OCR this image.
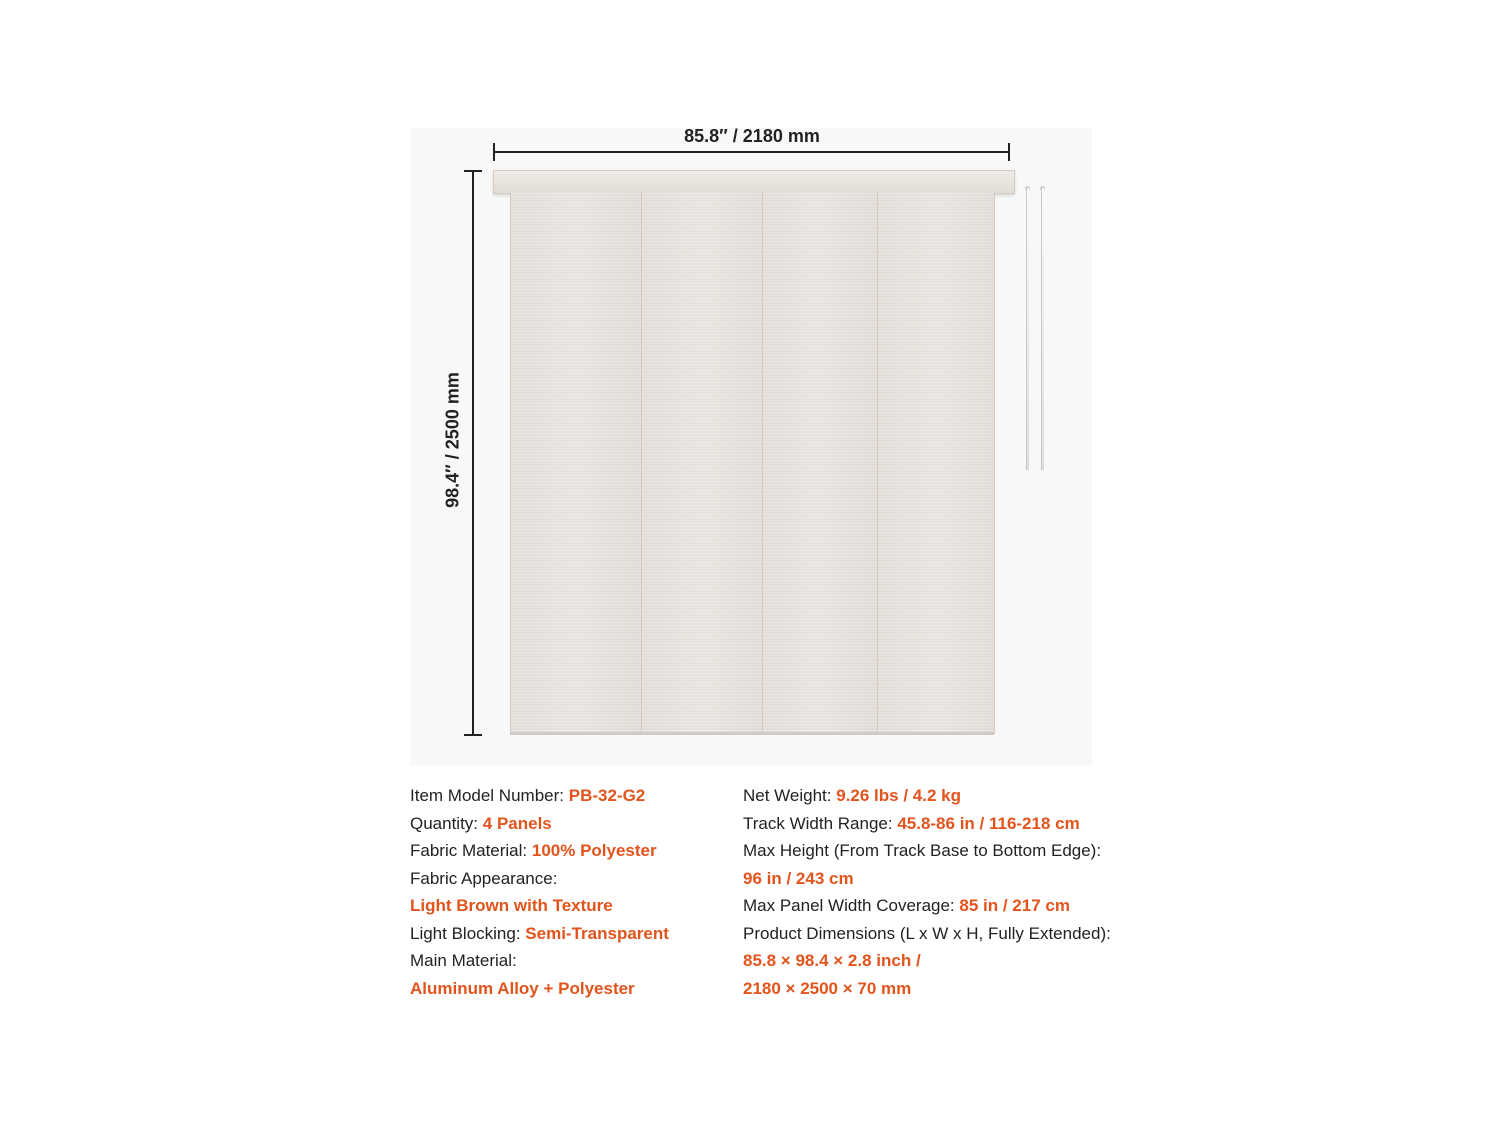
85.8″ / 2180 mm
98.4″ / 2500 mm
Item Model Number: PB-32-G2
Quantity: 4 Panels
Fabric Material: 100% Polyester
Fabric Appearance:
Light Brown with Texture
Light Blocking: Semi-Transparent
Main Material:
Aluminum Alloy + Polyester
Net Weight: 9.26 lbs / 4.2 kg
Track Width Range: 45.8-86 in / 116-218 cm
Max Height (From Track Base to Bottom Edge):
96 in / 243 cm
Max Panel Width Coverage: 85 in / 217 cm
Product Dimensions (L x W x H, Fully Extended):
85.8 × 98.4 × 2.8 inch /
2180 × 2500 × 70 mm
